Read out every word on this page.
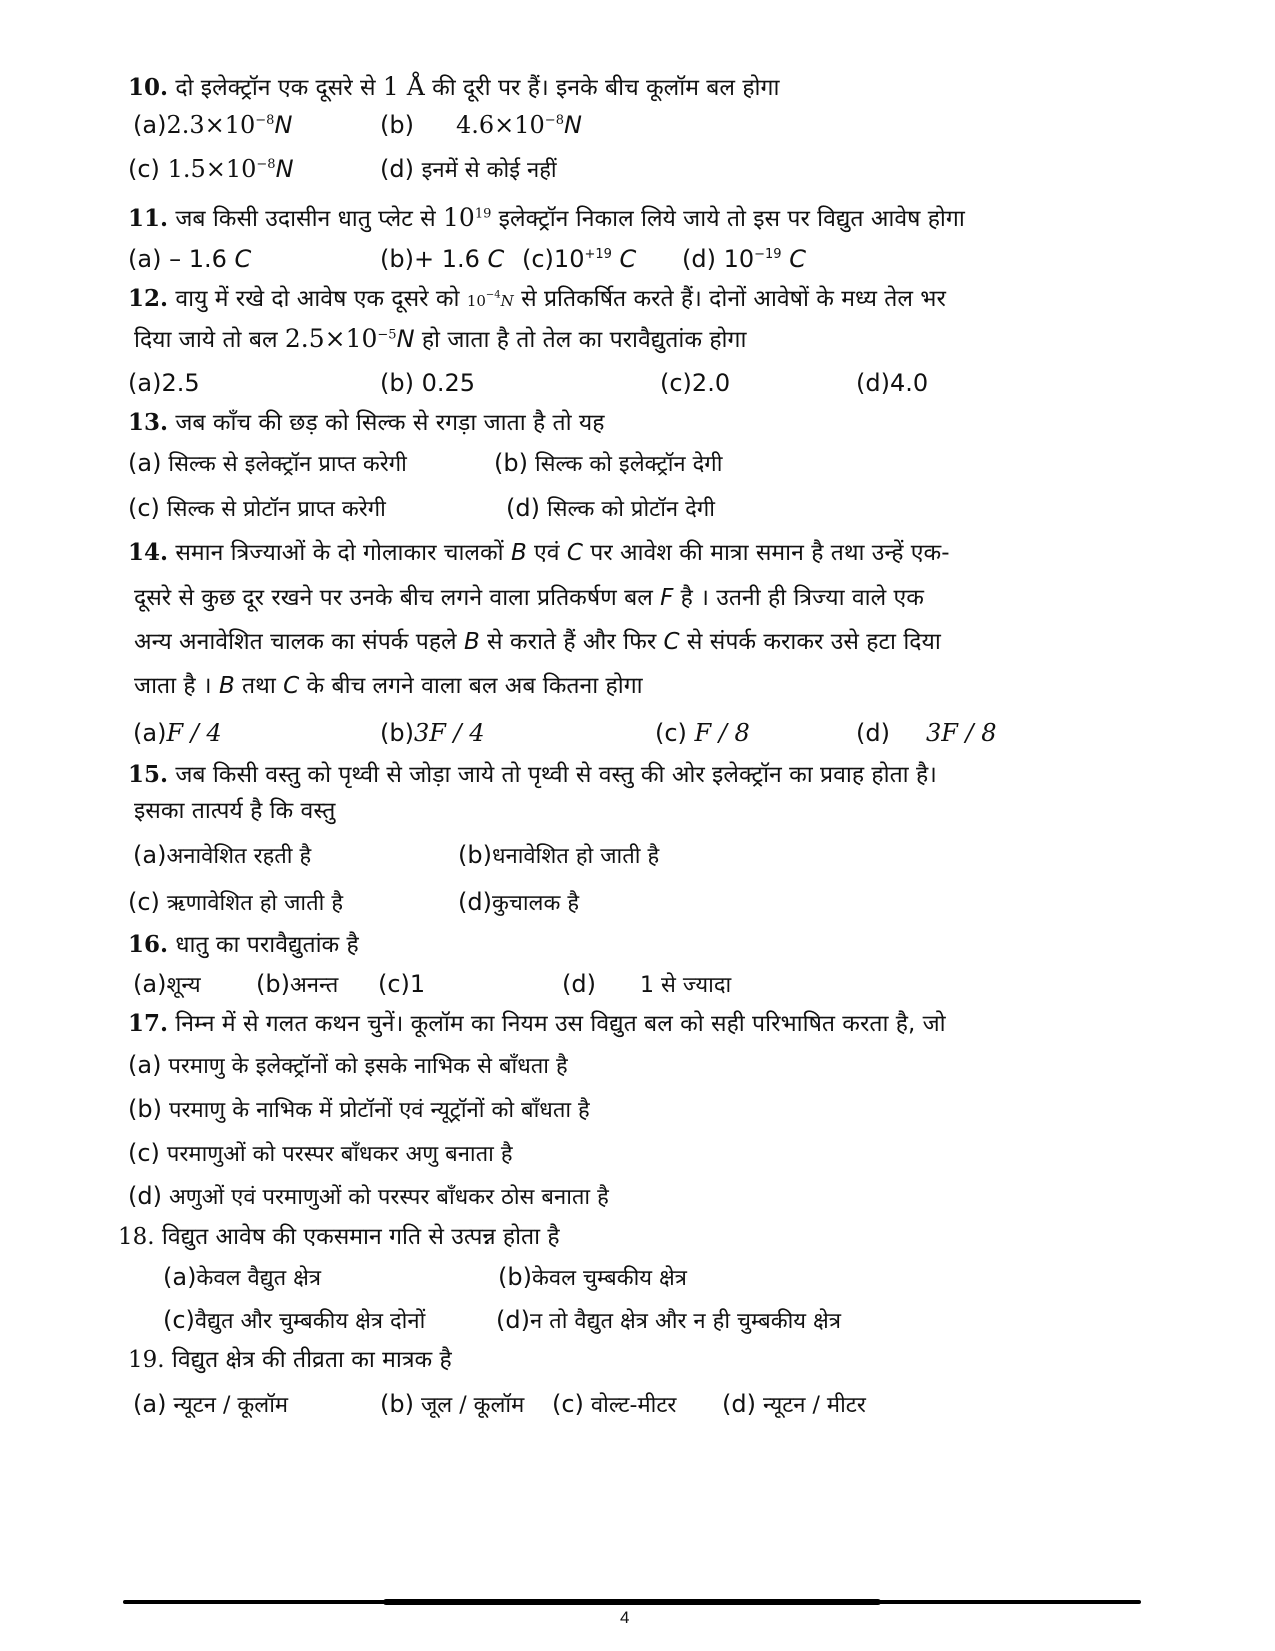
10. दो इलेक्ट्रॉन एक दूसरे से 1 Å की दूरी पर हैं। इनके बीच कूलॉम बल होगा
$(a)2.3\times 10^{-8}N$	(b) $4.6\times 10^{-8}N$
(c) $1.5\times 10^{-8}N$	(d) इनमें से कोई नहीं
11. जब किसी उदासीन धातु प्लेट से $10^{19}$ इलेक्ट्रॉन निकाल लिये जाये तो इस पर विद्युत आवेष होगा
(a) – 1.6 C	(b)+ 1.6 C $(c)10^{+19}$ C (d) $10^{-19}$ C
12. वायु में रखे दो आवेष एक दूसरे को $10^{-4}N$ से प्रतिकर्षित करते हैं। दोनों आवेषों के मध्य तेल भर
दिया जाये तो बल $2.5\times 10^{-5}N$ हो जाता है तो तेल का परावैद्युतांक होगा
(a)2.5	(b) 0.25	(c)2.0	(d)4.0
13. जब काँच की छड़ को सिल्क से रगड़ा जाता है तो यह
(a) सिल्क से इलेक्ट्रॉन प्राप्त करेगी	(b) सिल्क को इलेक्ट्रॉन देगी
(c) सिल्क से प्रोटॉन प्राप्त करेगी	(d) सिल्क को प्रोटॉन देगी
14. समान त्रिज्याओं के दो गोलाकार चालकों B एवं C पर आवेश की मात्रा समान है तथा उन्हें एक-
दूसरे से कुछ दूर रखने पर उनके बीच लगने वाला प्रतिकर्षण बल F है । उतनी ही त्रिज्या वाले एक
अन्य अनावेशित चालक का संपर्क पहले B से कराते हैं और फिर C से संपर्क कराकर उसे हटा दिया
जाता है । B तथा C के बीच लगने वाला बल अब कितना होगा
(a)F / 4	(b)3F / 4	(c) F / 8	(d) 3F / 8
15. जब किसी वस्तु को पृथ्वी से जोड़ा जाये तो पृथ्वी से वस्तु की ओर इलेक्ट्रॉन का प्रवाह होता है।
इसका तात्पर्य है कि वस्तु
(a)अनावेशित रहती है	(b)धनावेशित हो जाती है
(c) ऋणावेशित हो जाती है	(d)कुचालक है
16. धातु का परावैद्युतांक है
(a)शून्य (b)अनन्त (c)1	(d) 1 से ज्यादा
17. निम्न में से गलत कथन चुनें। कूलॉम का नियम उस विद्युत बल को सही परिभाषित करता है, जो
(a) परमाणु के इलेक्ट्रॉनों को इसके नाभिक से बाँधता है
(b) परमाणु के नाभिक में प्रोटॉनों एवं न्यूट्रॉनों को बाँधता है
(c) परमाणुओं को परस्पर बाँधकर अणु बनाता है
(d) अणुओं एवं परमाणुओं को परस्पर बाँधकर ठोस बनाता है
18. विद्युत आवेष की एकसमान गति से उत्पन्न होता है
(a)केवल वैद्युत क्षेत्र	(b)केवल चुम्बकीय क्षेत्र
(c)वैद्युत और चुम्बकीय क्षेत्र दोनों	(d)न तो वैद्युत क्षेत्र और न ही चुम्बकीय क्षेत्र
19. विद्युत क्षेत्र की तीव्रता का मात्रक है
(a) न्यूटन / कूलॉम	(b) जूल / कूलॉम (c) वोल्ट-मीटर (d) न्यूटन / मीटर
4
